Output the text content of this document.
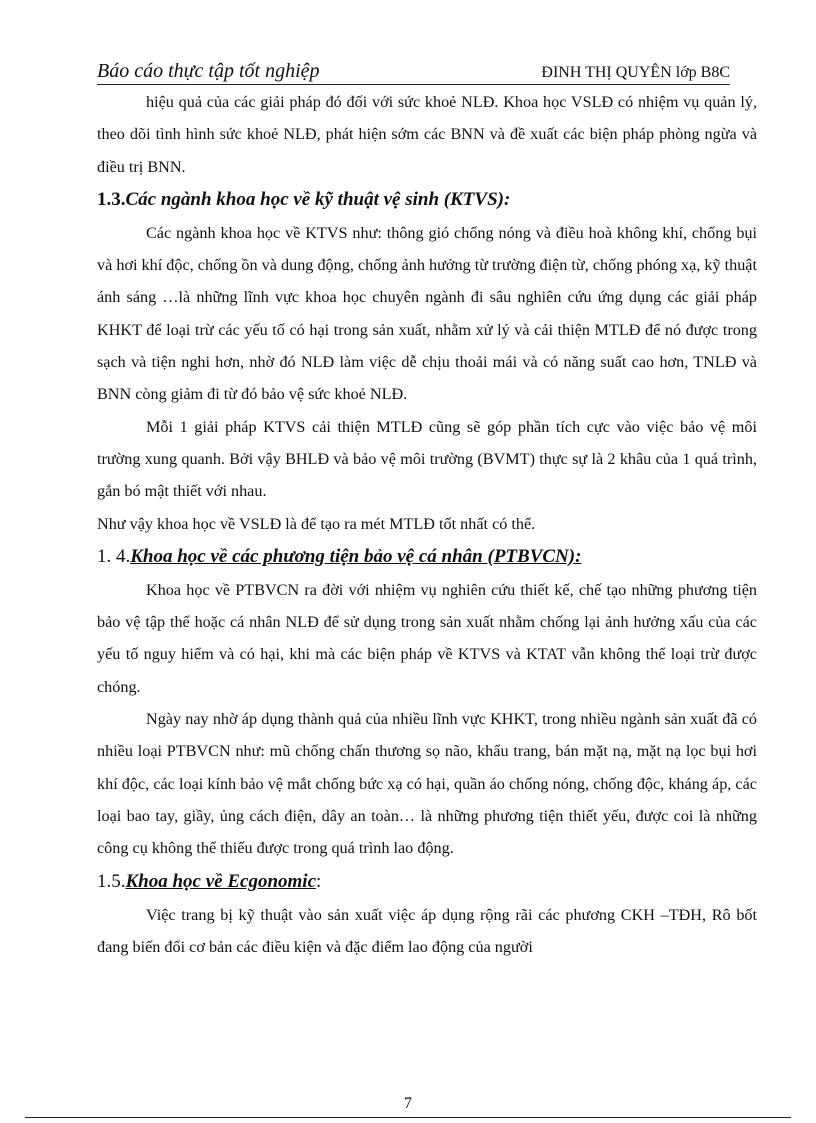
Báo cáo thực tập tốt nghiệp	ĐINH THỊ QUYÊN lớp B8C

hiệu quả của các giải pháp đó đối với sức khoẻ NLĐ. Khoa học VSLĐ có nhiệm vụ quản lý, theo dõi tình hình sức khoẻ NLĐ, phát hiện sớm các BNN và đề xuất các biện pháp phòng ngừa và điều trị BNN.

1.3.Các ngành khoa học về kỹ thuật vệ sinh (KTVS):

Các ngành khoa học về KTVS như: thông gió chống nóng và điều hoà không khí, chống bụi và hơi khí độc, chống ồn và dung động, chống ảnh hưởng từ trường điện từ, chống phóng xạ, kỹ thuật ánh sáng …là những lĩnh vực khoa học chuyên ngành đi sâu nghiên cứu ứng dụng các giải pháp KHKT để loại trừ các yếu tố có hại trong sản xuất, nhằm xử lý và cải thiện MTLĐ để nó được trong sạch và tiện nghi hơn, nhờ đó NLĐ làm việc dễ chịu thoải mái và có năng suất cao hơn, TNLĐ và BNN còng giảm đi từ đó bảo vệ sức khoẻ NLĐ.

Mỗi 1 giải pháp KTVS cải thiện MTLĐ cũng sẽ góp phần tích cực vào việc bảo vệ môi trường xung quanh. Bởi vậy BHLĐ và bảo vệ môi trường (BVMT) thực sự là 2 khâu của 1 quá trình, gắn bó mật thiết với nhau.

Như vậy khoa học về VSLĐ là để tạo ra mét MTLĐ tốt nhất có thể.

1. 4.Khoa học về các phương tiện bảo vệ cá nhân (PTBVCN):

Khoa học về PTBVCN ra đời với nhiệm vụ nghiên cứu thiết kế, chế tạo những phương tiện bảo vệ tập thể hoặc cá nhân NLĐ để sử dụng trong sản xuất nhằm chống lại ảnh hưởng xấu của các yếu tố nguy hiểm và có hại, khi mà các biện pháp về KTVS và KTAT vẫn không thể loại trừ được chóng.

Ngày nay nhờ áp dụng thành quả của nhiều lĩnh vực KHKT, trong nhiều ngành sản xuất đã có nhiều loại PTBVCN như: mũ chống chấn thương sọ não, khẩu trang, bán mặt nạ, mặt nạ lọc bụi hơi khí độc, các loại kính bảo vệ mắt chống bức xạ có hại, quần áo chống nóng, chống độc, kháng áp, các loại bao tay, giầy, ủng cách điện, dây an toàn… là những phương tiện thiết yếu, được coi là những công cụ không thể thiếu được trong quá trình lao động.

1.5.Khoa học về Ecgonomic:

Việc trang bị kỹ thuật vào sản xuất việc áp dụng rộng rãi các phương CKH –TĐH, Rô bốt đang biến đổi cơ bản các điều kiện và đặc điểm lao động của người

7
